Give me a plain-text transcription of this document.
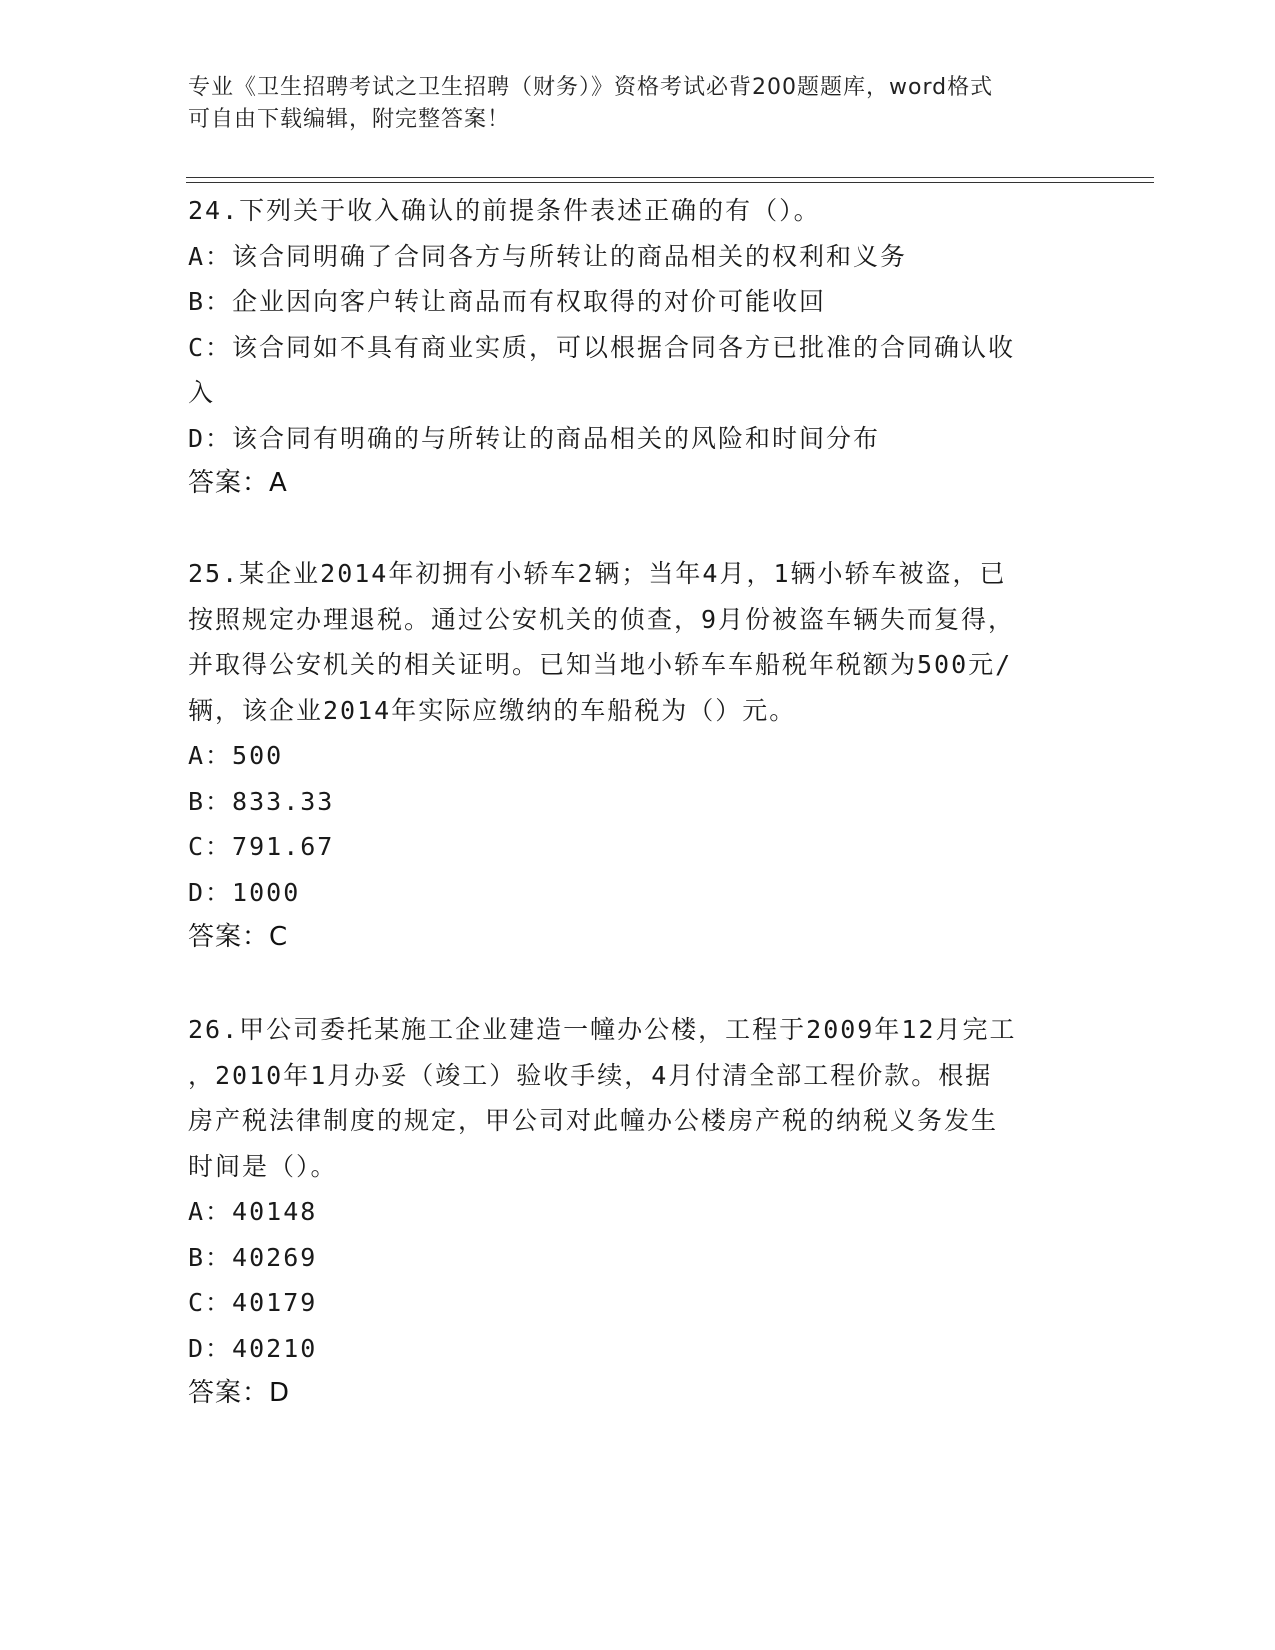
专业《卫生招聘考试之卫生招聘（财务）》资格考试必背200题题库，word格式

可自由下载编辑，附完整答案！

24.下列关于收入确认的前提条件表述正确的有（）。

A：该合同明确了合同各方与所转让的商品相关的权利和义务

B：企业因向客户转让商品而有权取得的对价可能收回

C：该合同如不具有商业实质，可以根据合同各方已批准的合同确认收

入

D：该合同有明确的与所转让的商品相关的风险和时间分布

答案：A

25.某企业2014年初拥有小轿车2辆；当年4月，1辆小轿车被盗，已

按照规定办理退税。通过公安机关的侦查，9月份被盗车辆失而复得，

并取得公安机关的相关证明。已知当地小轿车车船税年税额为500元/

辆，该企业2014年实际应缴纳的车船税为（）元。

A：500

B：833.33

C：791.67

D：1000

答案：C

26.甲公司委托某施工企业建造一幢办公楼，工程于2009年12月完工

，2010年1月办妥（竣工）验收手续，4月付清全部工程价款。根据

房产税法律制度的规定，甲公司对此幢办公楼房产税的纳税义务发生

时间是（）。

A：40148

B：40269

C：40179

D：40210

答案：D
